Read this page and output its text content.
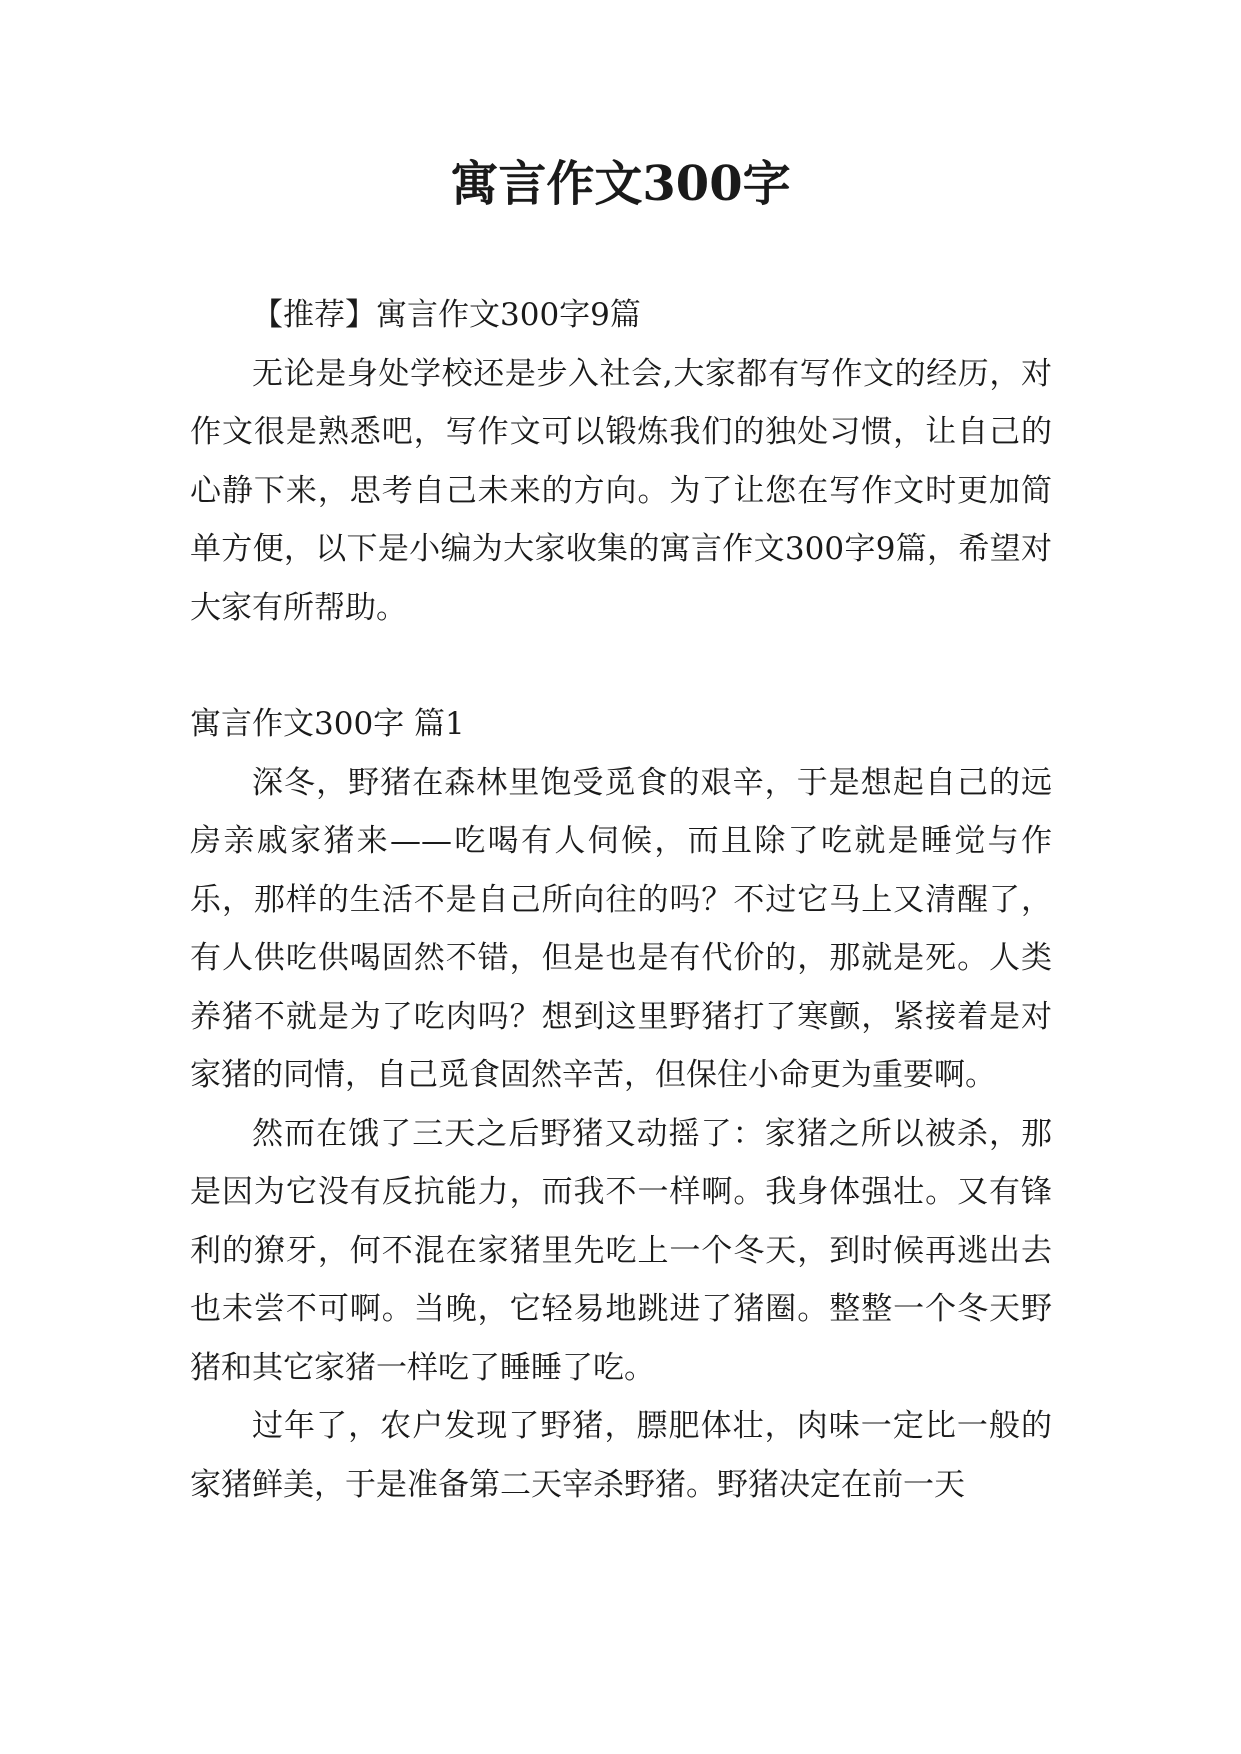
寓言作文300字

【推荐】寓言作文300字9篇

无论是身处学校还是步入社会,大家都有写作文的经历，对作文很是熟悉吧，写作文可以锻炼我们的独处习惯，让自己的心静下来，思考自己未来的方向。为了让您在写作文时更加简单方便，以下是小编为大家收集的寓言作文300字9篇，希望对大家有所帮助。

寓言作文300字 篇1

深冬，野猪在森林里饱受觅食的艰辛，于是想起自己的远房亲戚家猪来——吃喝有人伺候，而且除了吃就是睡觉与作乐，那样的生活不是自己所向往的吗？不过它马上又清醒了，有人供吃供喝固然不错，但是也是有代价的，那就是死。人类养猪不就是为了吃肉吗？想到这里野猪打了寒颤，紧接着是对家猪的同情，自己觅食固然辛苦，但保住小命更为重要啊。

然而在饿了三天之后野猪又动摇了：家猪之所以被杀，那是因为它没有反抗能力，而我不一样啊。我身体强壮。又有锋利的獠牙，何不混在家猪里先吃上一个冬天，到时候再逃出去也未尝不可啊。当晚，它轻易地跳进了猪圈。整整一个冬天野猪和其它家猪一样吃了睡睡了吃。

过年了，农户发现了野猪，膘肥体壮，肉味一定比一般的家猪鲜美，于是准备第二天宰杀野猪。野猪决定在前一天
